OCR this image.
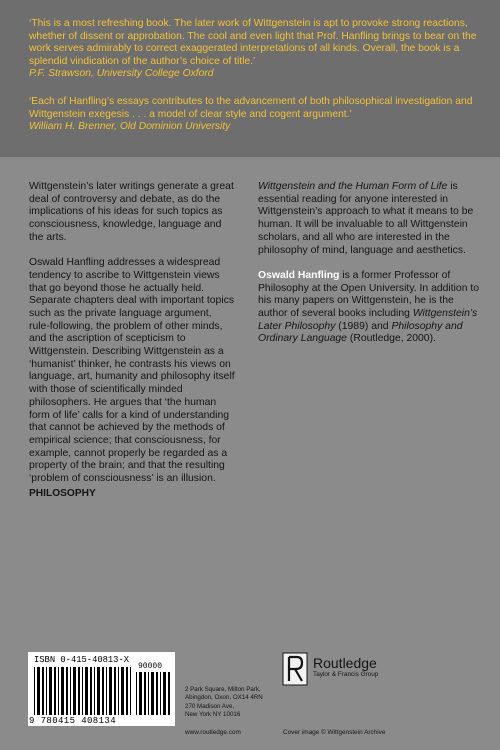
‘This is a most refreshing book. The later work of Wittgenstein is apt to provoke strong reactions, whether of dissent or approbation. The cool and even light that Prof. Hanfling brings to bear on the work serves admirably to correct exaggerated interpretations of all kinds. Overall, the book is a splendid vindication of the author’s choice of title.’
P.F. Strawson, University College Oxford
‘Each of Hanfling’s essays contributes to the advancement of both philosophical investigation and Wittgenstein exegesis . . . a model of clear style and cogent argument.’
William H. Brenner, Old Dominion University

Wittgenstein’s later writings generate a great deal of controversy and debate, as do the implications of his ideas for such topics as consciousness, knowledge, language and the arts.

Oswald Hanfling addresses a widespread tendency to ascribe to Wittgenstein views that go beyond those he actually held. Separate chapters deal with important topics such as the private language argument, rule-following, the problem of other minds, and the ascription of scepticism to Wittgenstein. Describing Wittgenstein as a ‘humanist’ thinker, he contrasts his views on language, art, humanity and philosophy itself with those of scientifically minded philosophers. He argues that ‘the human form of life’ calls for a kind of understanding that cannot be achieved by the methods of empirical science; that consciousness, for example, cannot properly be regarded as a property of the brain; and that the resulting ‘problem of consciousness’ is an illusion.

PHILOSOPHY

Wittgenstein and the Human Form of Life is essential reading for anyone interested in Wittgenstein’s approach to what it means to be human. It will be invaluable to all Wittgenstein scholars, and all who are interested in the philosophy of mind, language and aesthetics.

Oswald Hanfling is a former Professor of Philosophy at the Open University. In addition to his many papers on Wittgenstein, he is the author of several books including Wittgenstein’s Later Philosophy (1989) and Philosophy and Ordinary Language (Routledge, 2000).

ISBN 0-415-40813-X
90000
9 780415 408134
2 Park Square, Milton Park,
Abingdon, Oxon, OX14 4RN
270 Madison Ave,
New York NY 10016
www.routledge.com
Routledge
Taylor & Francis Group
Cover image © Wittgenstein Archive
